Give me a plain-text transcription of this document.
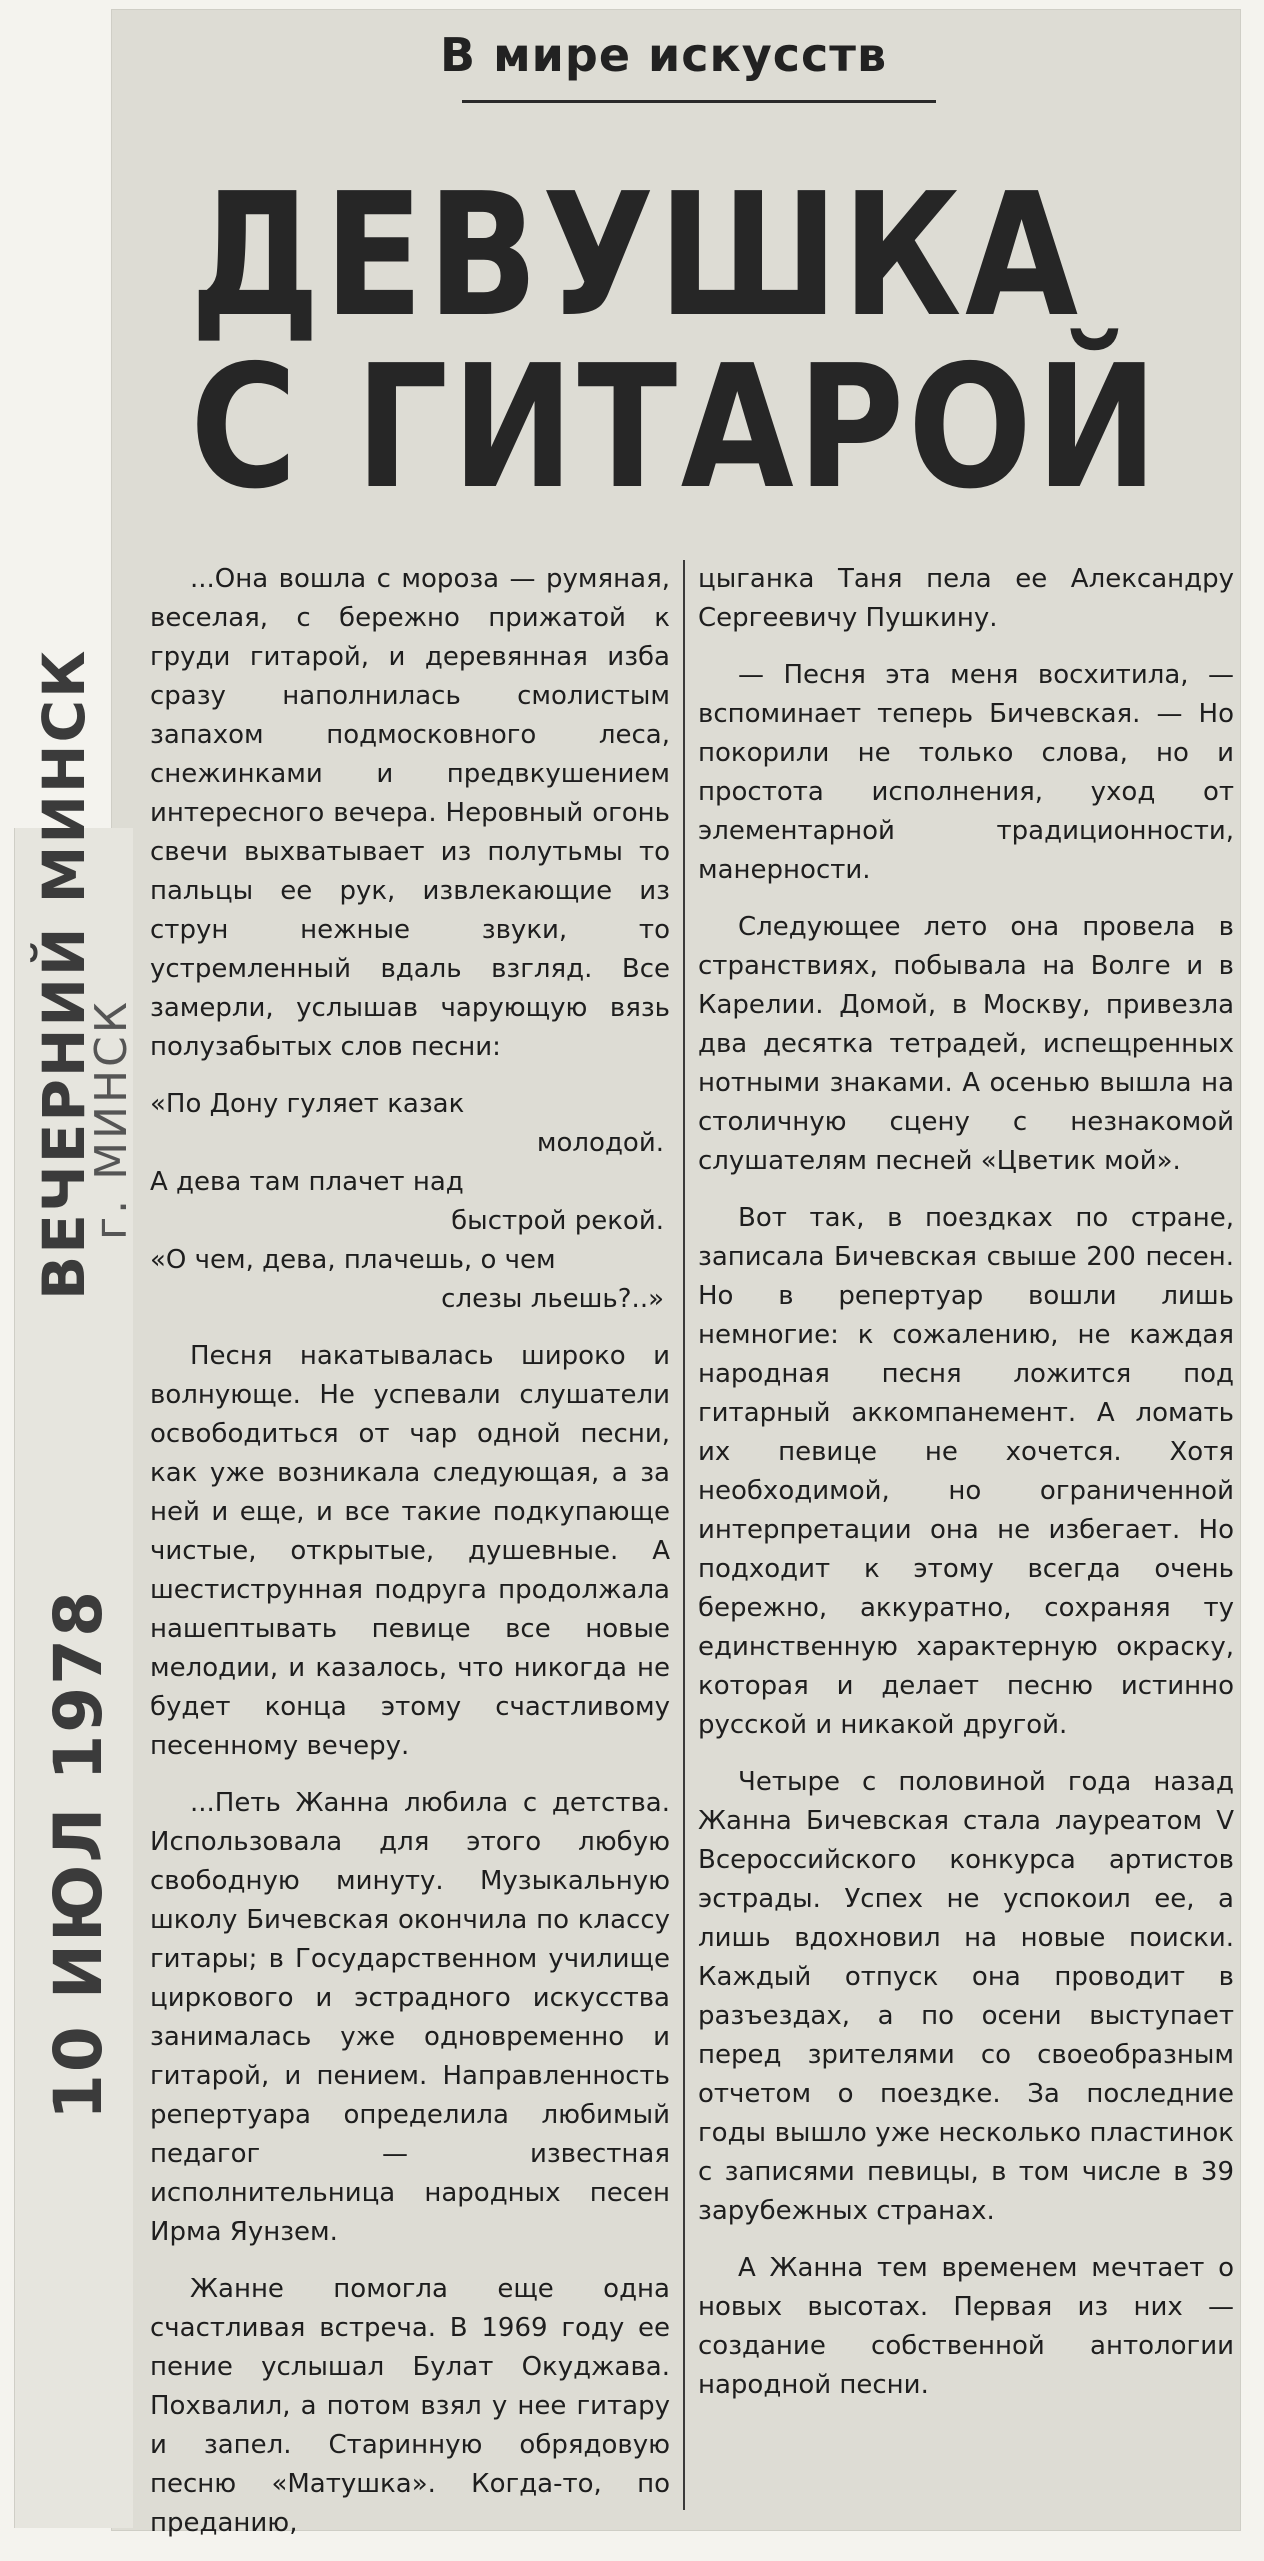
В мире искусств
ДЕВУШКА
С ГИТАРОЙ

...Она вошла с мороза — румяная, веселая, с бережно прижатой к груди гитарой, и деревянная изба сразу наполнилась смолистым запахом подмосковного леса, снежинками и предвкушением интересного вечера. Неровный огонь свечи выхватывает из полутьмы то пальцы ее рук, извлекающие из струн нежные звуки, то устремленный вдаль взгляд. Все замерли, услышав чарующую вязь полузабытых слов песни:

«По Дону гуляет казак
молодой.
А дева там плачет над
быстрой рекой.
«О чем, дева, плачешь, о чем
слезы льешь?..»

Песня накатывалась широко и волнующе. Не успевали слушатели освободиться от чар одной песни, как уже возникала следующая, а за ней и еще, и все такие подкупающе чистые, открытые, душевные. А шестиструнная подруга продолжала нашептывать певице все новые мелодии, и казалось, что никогда не будет конца этому счастливому песенному вечеру.

...Петь Жанна любила с детства. Использовала для этого любую свободную минуту. Музыкальную школу Бичевская окончила по классу гитары; в Государственном училище циркового и эстрадного искусства занималась уже одновременно и гитарой, и пением. Направленность репертуара определила любимый педагог — известная исполнительница народных песен Ирма Яунзем.

Жанне помогла еще одна счастливая встреча. В 1969 году ее пение услышал Булат Окуджава. Похвалил, а потом взял у нее гитару и запел. Старинную обрядовую песню «Матушка». Когда-то, по преданию,

цыганка Таня пела ее Александру Сергеевичу Пушкину.

— Песня эта меня восхитила, — вспоминает теперь Бичевская. — Но покорили не только слова, но и простота исполнения, уход от элементарной традиционности, манерности.

Следующее лето она провела в странствиях, побывала на Волге и в Карелии. Домой, в Москву, привезла два десятка тетрадей, испещренных нотными знаками. А осенью вышла на столичную сцену с незнакомой слушателям песней «Цветик мой».

Вот так, в поездках по стране, записала Бичевская свыше 200 песен. Но в репертуар вошли лишь немногие: к сожалению, не каждая народная песня ложится под гитарный аккомпанемент. А ломать их певице не хочется. Хотя необходимой, но ограниченной интерпретации она не избегает. Но подходит к этому всегда очень бережно, аккуратно, сохраняя ту единственную характерную окраску, которая и делает песню истинно русской и никакой другой.

Четыре с половиной года назад Жанна Бичевская стала лауреатом V Всероссийского конкурса артистов эстрады. Успех не успокоил ее, а лишь вдохновил на новые поиски. Каждый отпуск она проводит в разъездах, а по осени выступает перед зрителями со своеобразным отчетом о поездке. За последние годы вышло уже несколько пластинок с записями певицы, в том числе в 39 зарубежных странах.

А Жанна тем временем мечтает о новых высотах. Первая из них — создание собственной антологии народной песни.

ВЕЧЕРНИЙ МИНСК
г. МИНСК
10 ИЮЛ 1978
